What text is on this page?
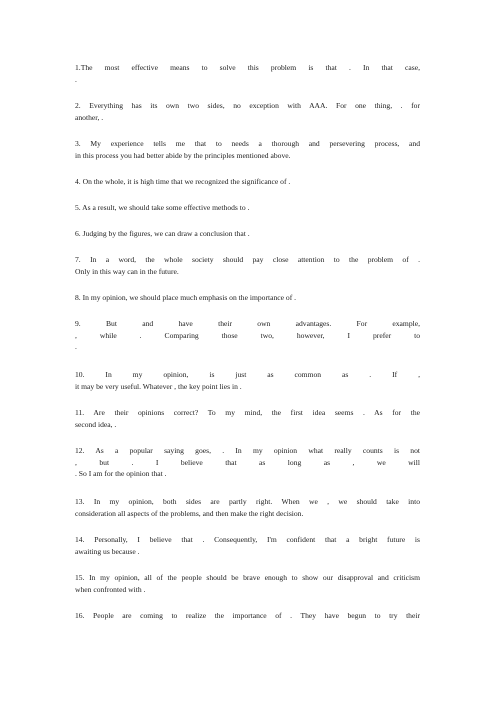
1.The most effective means to solve this problem is that . In that case,
.
2. Everything has its own two sides, no exception with AAA. For one thing, . for
another, .
3. My experience tells me that to needs a thorough and persevering process, and
in this process you had better abide by the principles mentioned above.
4. On the whole, it is high time that we recognized the significance of .
5. As a result, we should take some effective methods to .
6. Judging by the figures, we can draw a conclusion that .
7. In a word, the whole society should pay close attention to the problem of .
Only in this way can in the future.
8. In my opinion, we should place much emphasis on the importance of .
9. But and have their own advantages. For example,
, while . Comparing those two, however, I prefer to
.
10. In my opinion, is just as common as . If ,
it may be very useful. Whatever , the key point lies in .
11. Are their opinions correct? To my mind, the first idea seems . As for the
second idea, .
12. As a popular saying goes, . In my opinion what really counts is not
, but . I believe that as long as , we will
. So I am for the opinion that .
13. In my opinion, both sides are partly right. When we , we should take into
consideration all aspects of the problems, and then make the right decision.
14. Personally, I believe that . Consequently, I'm confident that a bright future is
awaiting us because .
15. In my opinion, all of the people should be brave enough to show our disapproval and criticism
when confronted with .
16. People are coming to realize the importance of . They have begun to try their
